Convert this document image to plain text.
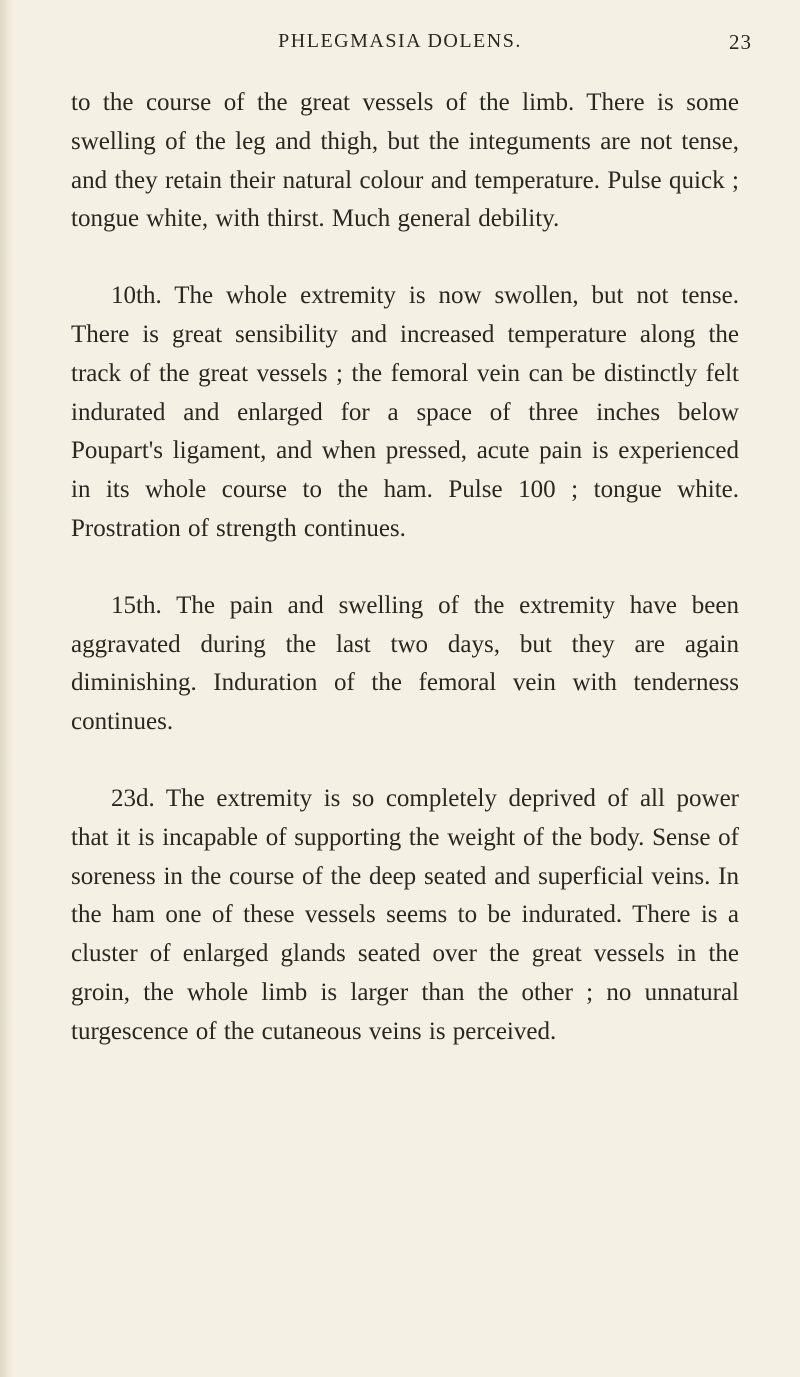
PHLEGMASIA DOLENS.	23

to the course of the great vessels of the limb. There is some swelling of the leg and thigh, but the integuments are not tense, and they retain their natural colour and temperature. Pulse quick ; tongue white, with thirst. Much general debility.

10th. The whole extremity is now swollen, but not tense. There is great sensibility and increased temperature along the track of the great vessels ; the femoral vein can be distinctly felt indurated and enlarged for a space of three inches below Poupart's ligament, and when pressed, acute pain is experienced in its whole course to the ham. Pulse 100 ; tongue white. Prostration of strength continues.

15th. The pain and swelling of the extremity have been aggravated during the last two days, but they are again diminishing. Induration of the femoral vein with tenderness continues.

23d. The extremity is so completely deprived of all power that it is incapable of supporting the weight of the body. Sense of soreness in the course of the deep seated and superficial veins. In the ham one of these vessels seems to be indurated. There is a cluster of enlarged glands seated over the great vessels in the groin, the whole limb is larger than the other ; no unnatural turgescence of the cutaneous veins is perceived.
